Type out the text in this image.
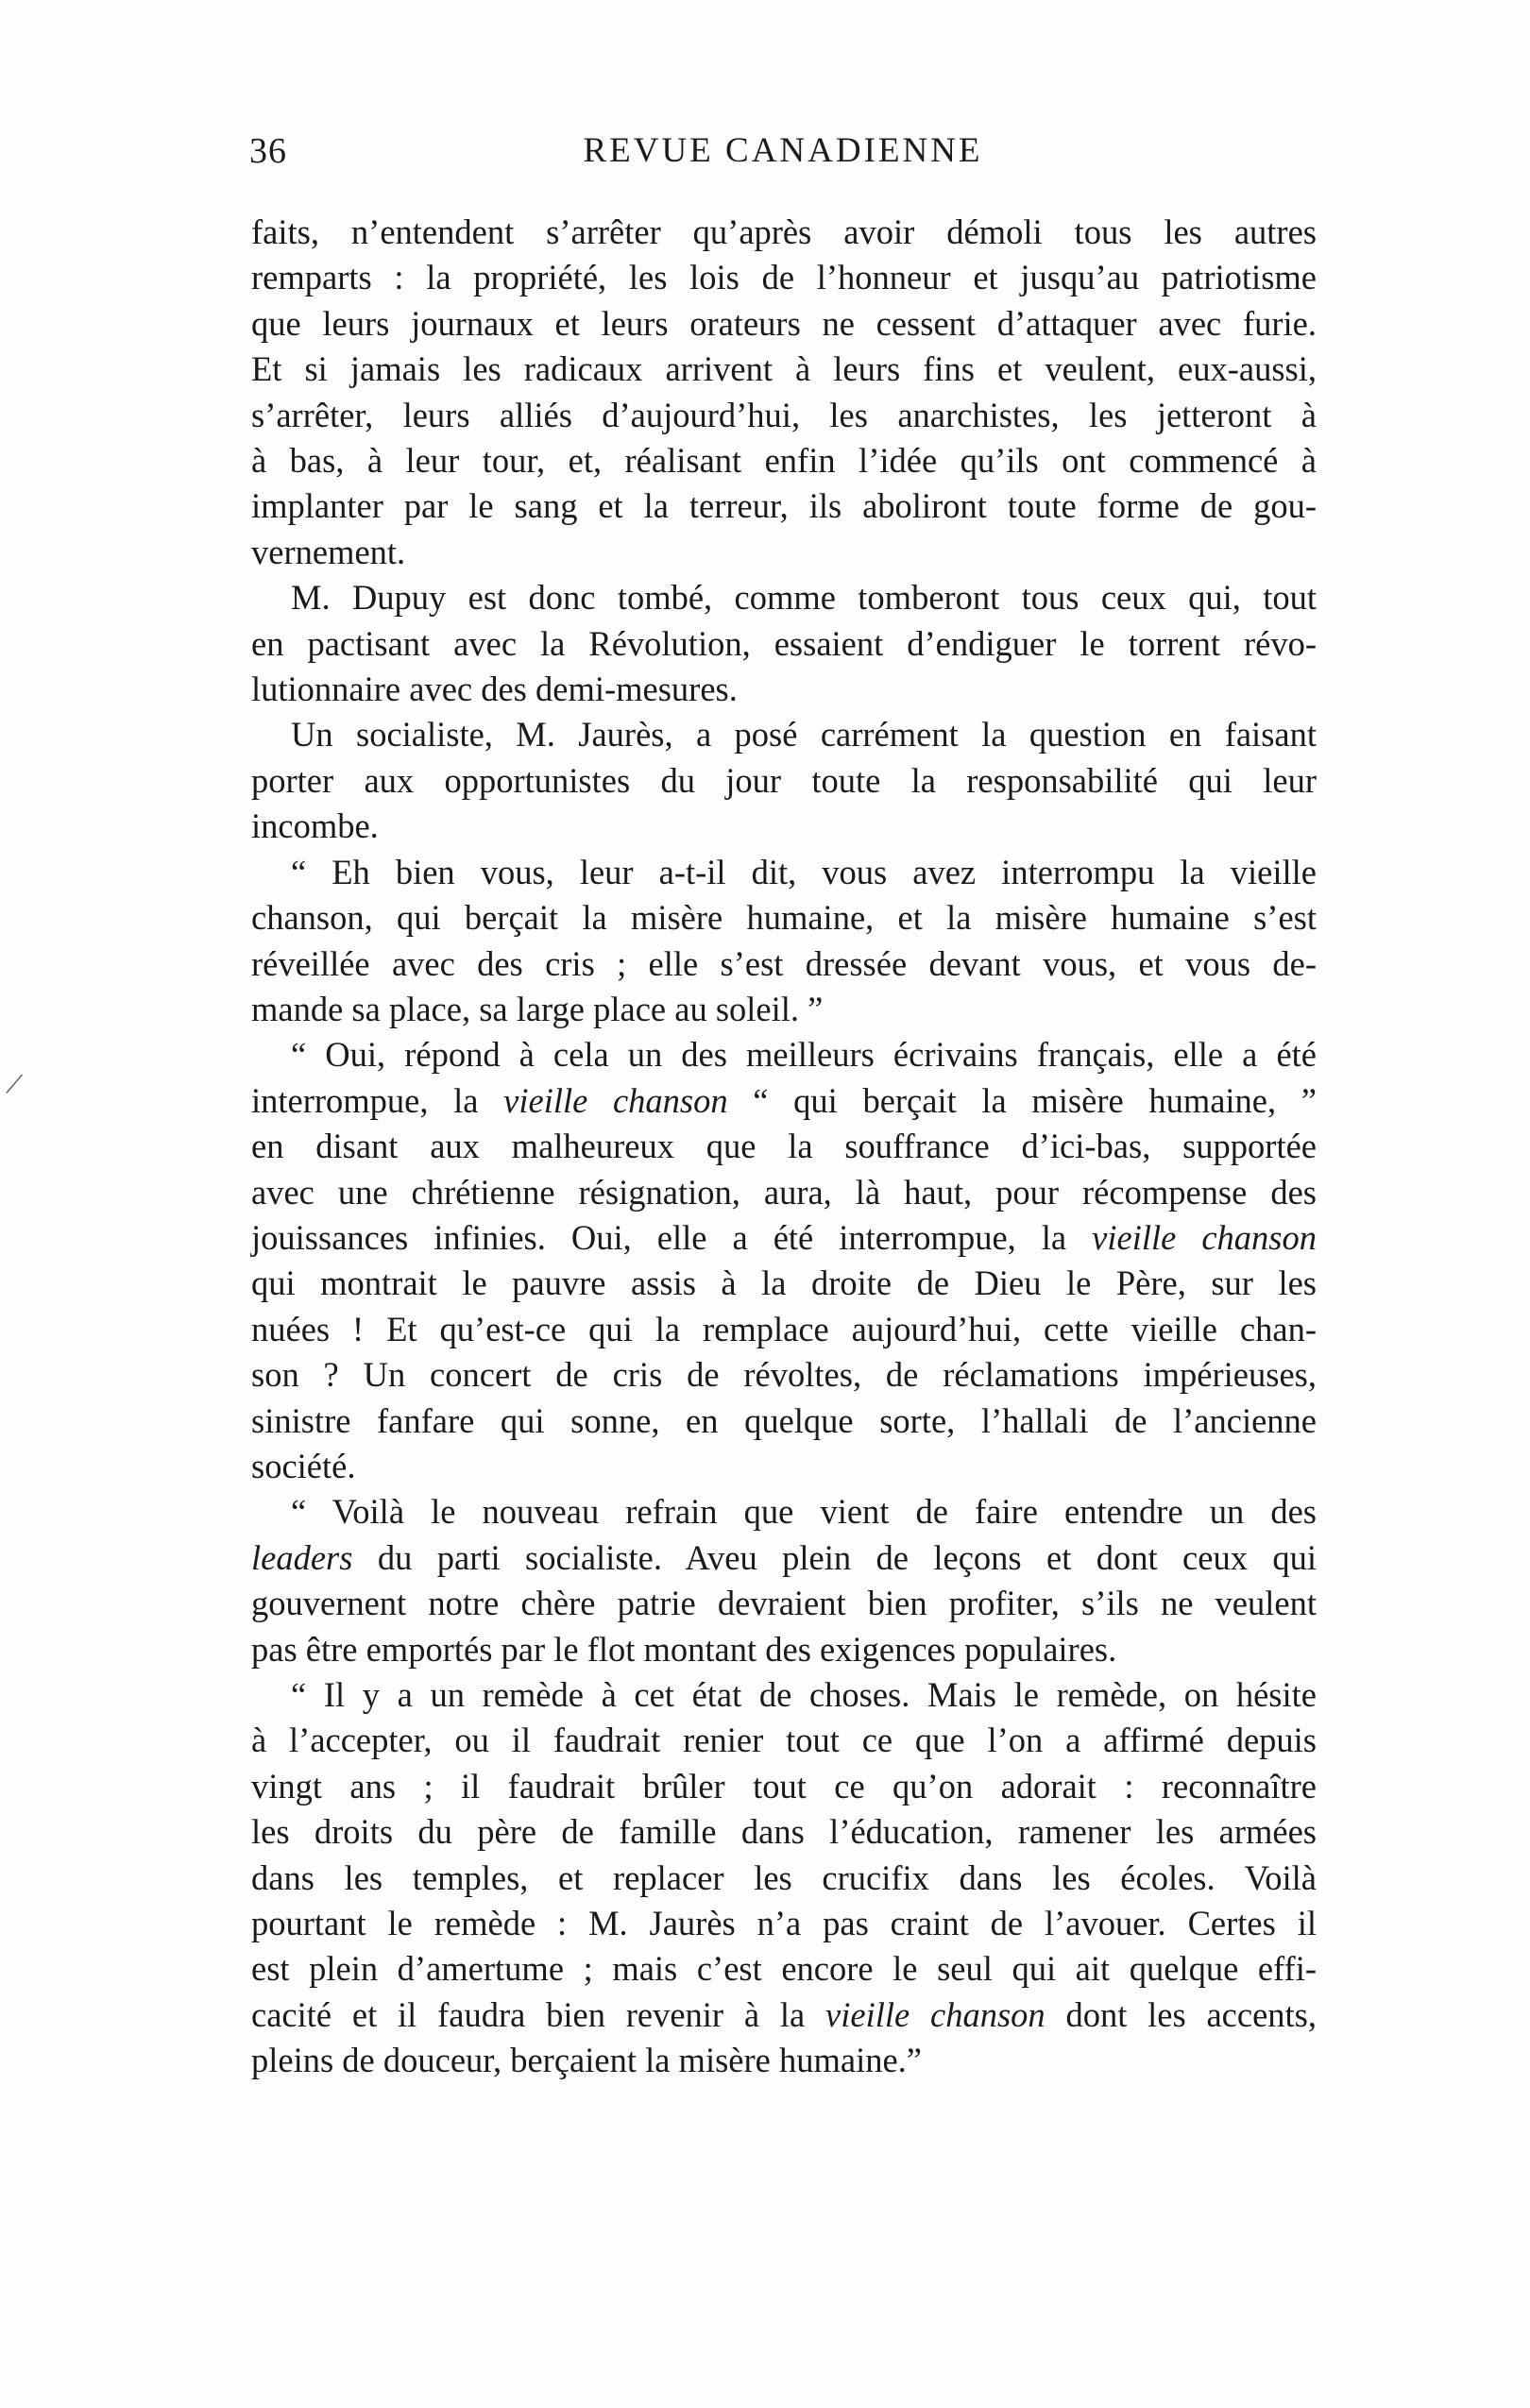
36	REVUE CANADIENNE

faits, n’entendent s’arrêter qu’après avoir démoli tous les autres
remparts : la propriété, les lois de l’honneur et jusqu’au patriotisme
que leurs journaux et leurs orateurs ne cessent d’attaquer avec furie.
Et si jamais les radicaux arrivent à leurs fins et veulent, eux-aussi,
s’arrêter, leurs alliés d’aujourd’hui, les anarchistes, les jetteront à
à bas, à leur tour, et, réalisant enfin l’idée qu’ils ont commencé à
implanter par le sang et la terreur, ils aboliront toute forme de gou-
vernement.

M. Dupuy est donc tombé, comme tomberont tous ceux qui, tout
en pactisant avec la Révolution, essaient d’endiguer le torrent révo-
lutionnaire avec des demi-mesures.

Un socialiste, M. Jaurès, a posé carrément la question en faisant
porter aux opportunistes du jour toute la responsabilité qui leur
incombe.

“ Eh bien vous, leur a-t-il dit, vous avez interrompu la vieille
chanson, qui berçait la misère humaine, et la misère humaine s’est
réveillée avec des cris ; elle s’est dressée devant vous, et vous de-
mande sa place, sa large place au soleil. ”

“ Oui, répond à cela un des meilleurs écrivains français, elle a été
interrompue, la vieille chanson “ qui berçait la misère humaine, ”
en disant aux malheureux que la souffrance d’ici-bas, supportée
avec une chrétienne résignation, aura, là haut, pour récompense des
jouissances infinies. Oui, elle a été interrompue, la vieille chanson
qui montrait le pauvre assis à la droite de Dieu le Père, sur les
nuées ! Et qu’est-ce qui la remplace aujourd’hui, cette vieille chan-
son ? Un concert de cris de révoltes, de réclamations impérieuses,
sinistre fanfare qui sonne, en quelque sorte, l’hallali de l’ancienne
société.

“ Voilà le nouveau refrain que vient de faire entendre un des
leaders du parti socialiste. Aveu plein de leçons et dont ceux qui
gouvernent notre chère patrie devraient bien profiter, s’ils ne veulent
pas être emportés par le flot montant des exigences populaires.

“ Il y a un remède à cet état de choses. Mais le remède, on hésite
à l’accepter, ou il faudrait renier tout ce que l’on a affirmé depuis
vingt ans ; il faudrait brûler tout ce qu’on adorait : reconnaître
les droits du père de famille dans l’éducation, ramener les armées
dans les temples, et replacer les crucifix dans les écoles. Voilà
pourtant le remède : M. Jaurès n’a pas craint de l’avouer. Certes il
est plein d’amertume ; mais c’est encore le seul qui ait quelque effi-
cacité et il faudra bien revenir à la vieille chanson dont les accents,
pleins de douceur, berçaient la misère humaine.”

⟋
